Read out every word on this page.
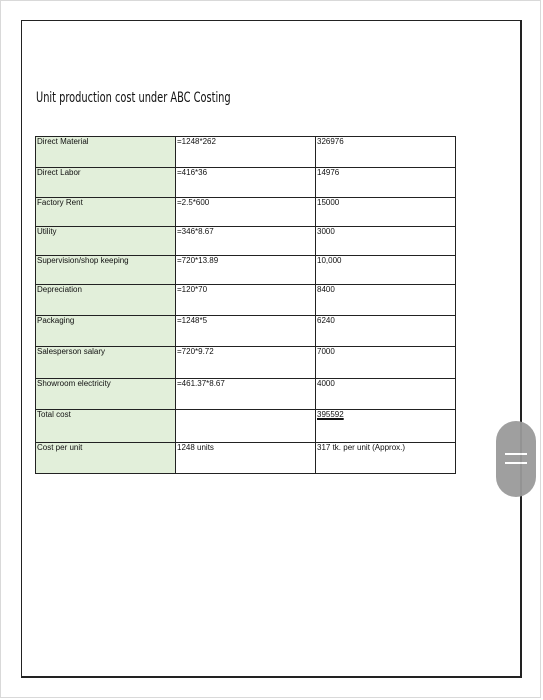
Unit production cost under ABC Costing
Direct Material	=1248*262	326976
Direct Labor	=416*36	14976
Factory Rent	=2.5*600	15000
Utility	=346*8.67	3000
Supervision/shop keeping	=720*13.89	10,000
Depreciation	=120*70	8400
Packaging	=1248*5	6240
Salesperson salary	=720*9.72	7000
Showroom electricity	=461.37*8.67	4000
Total cost		395592
Cost per unit	1248 units	317 tk. per unit (Approx.)
